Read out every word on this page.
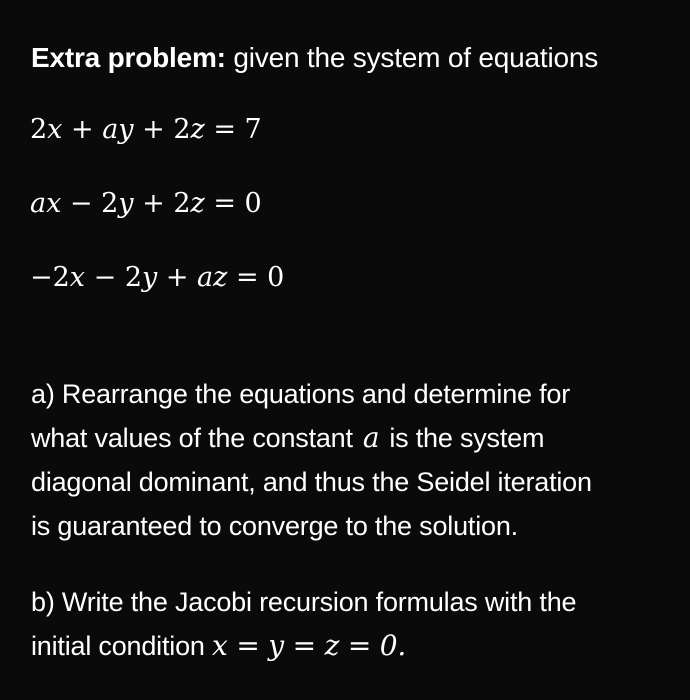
Extra problem: given the system of equations
2𝑥 + 𝑎𝑦 + 2𝑧 = 7
𝑎𝑥 − 2𝑦 + 2𝑧 = 0
−2𝑥 − 2𝑦 + 𝑎𝑧 = 0
a) Rearrange the equations and determine for
what values of the constant 𝑎 is the system
diagonal dominant, and thus the Seidel iteration
is guaranteed to converge to the solution.
b) Write the Jacobi recursion formulas with the
initial condition 𝑥 = 𝑦 = 𝑧 = 0.
